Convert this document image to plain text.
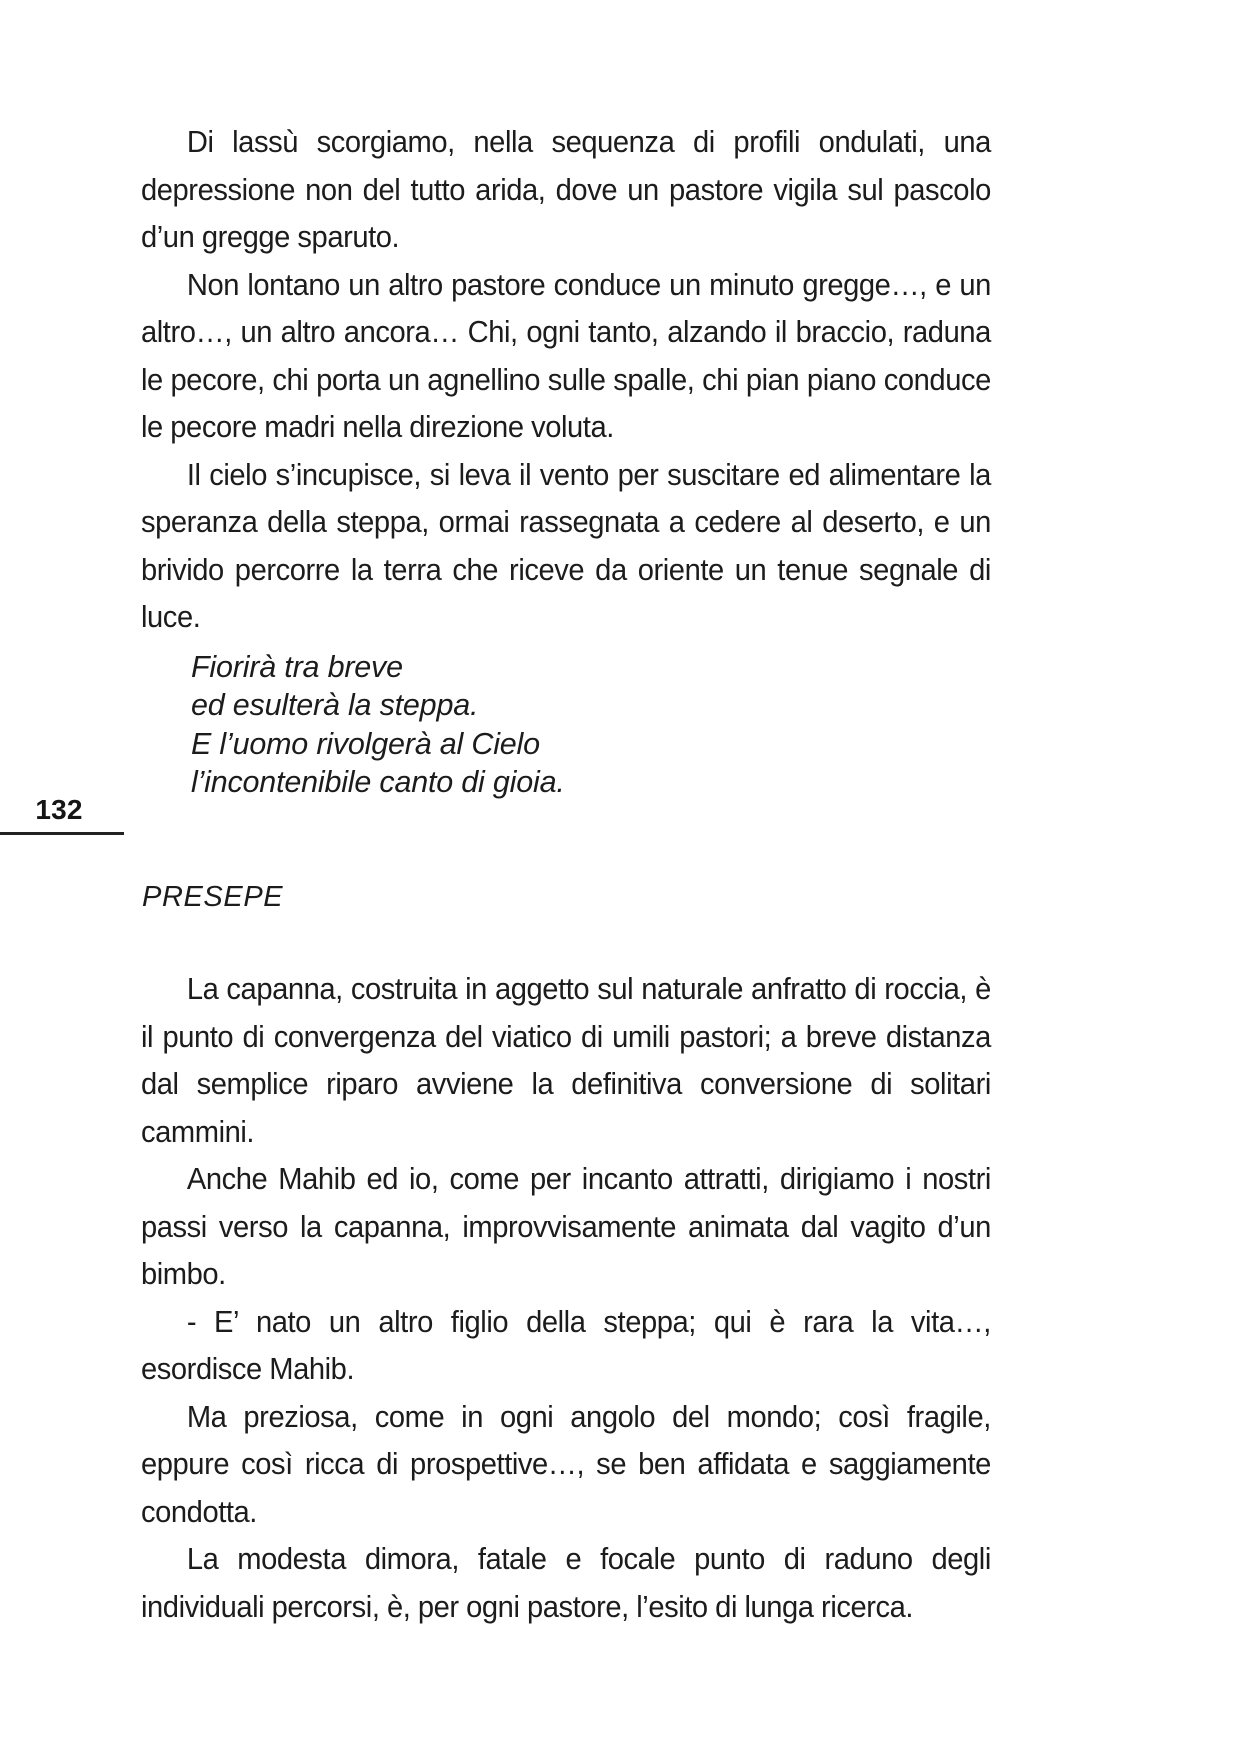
Di lassù scorgiamo, nella sequenza di profili ondulati, una depressione non del tutto arida, dove un pastore vigila sul pascolo d’un gregge sparuto.

Non lontano un altro pastore conduce un minuto gregge…, e un altro…, un altro ancora… Chi, ogni tanto, alzando il braccio, raduna le pecore, chi porta un agnellino sulle spalle, chi pian piano conduce le pecore madri nella direzione voluta.

Il cielo s’incupisce, si leva il vento per suscitare ed alimentare la speranza della steppa, ormai rassegnata a cedere al deserto, e un brivido percorre la terra che riceve da oriente un tenue segnale di luce.

Fiorirà tra breve

ed esulterà la steppa.

E l’uomo rivolgerà al Cielo

l’incontenibile canto di gioia.

132
PRESEPE

La capanna, costruita in aggetto sul naturale anfratto di roccia, è il punto di convergenza del viatico di umili pastori; a breve distanza dal semplice riparo avviene la definitiva conversione di solitari cammini.

Anche Mahib ed io, come per incanto attratti, dirigiamo i nostri passi verso la capanna, improvvisamente animata dal vagito d’un bimbo.

- E’ nato un altro figlio della steppa; qui è rara la vita…, esordisce Mahib.

Ma preziosa, come in ogni angolo del mondo; così fragile, eppure così ricca di prospettive…, se ben affidata e saggiamente condotta.

La modesta dimora, fatale e focale punto di raduno degli individuali percorsi, è, per ogni pastore, l’esito di lunga ricerca.
